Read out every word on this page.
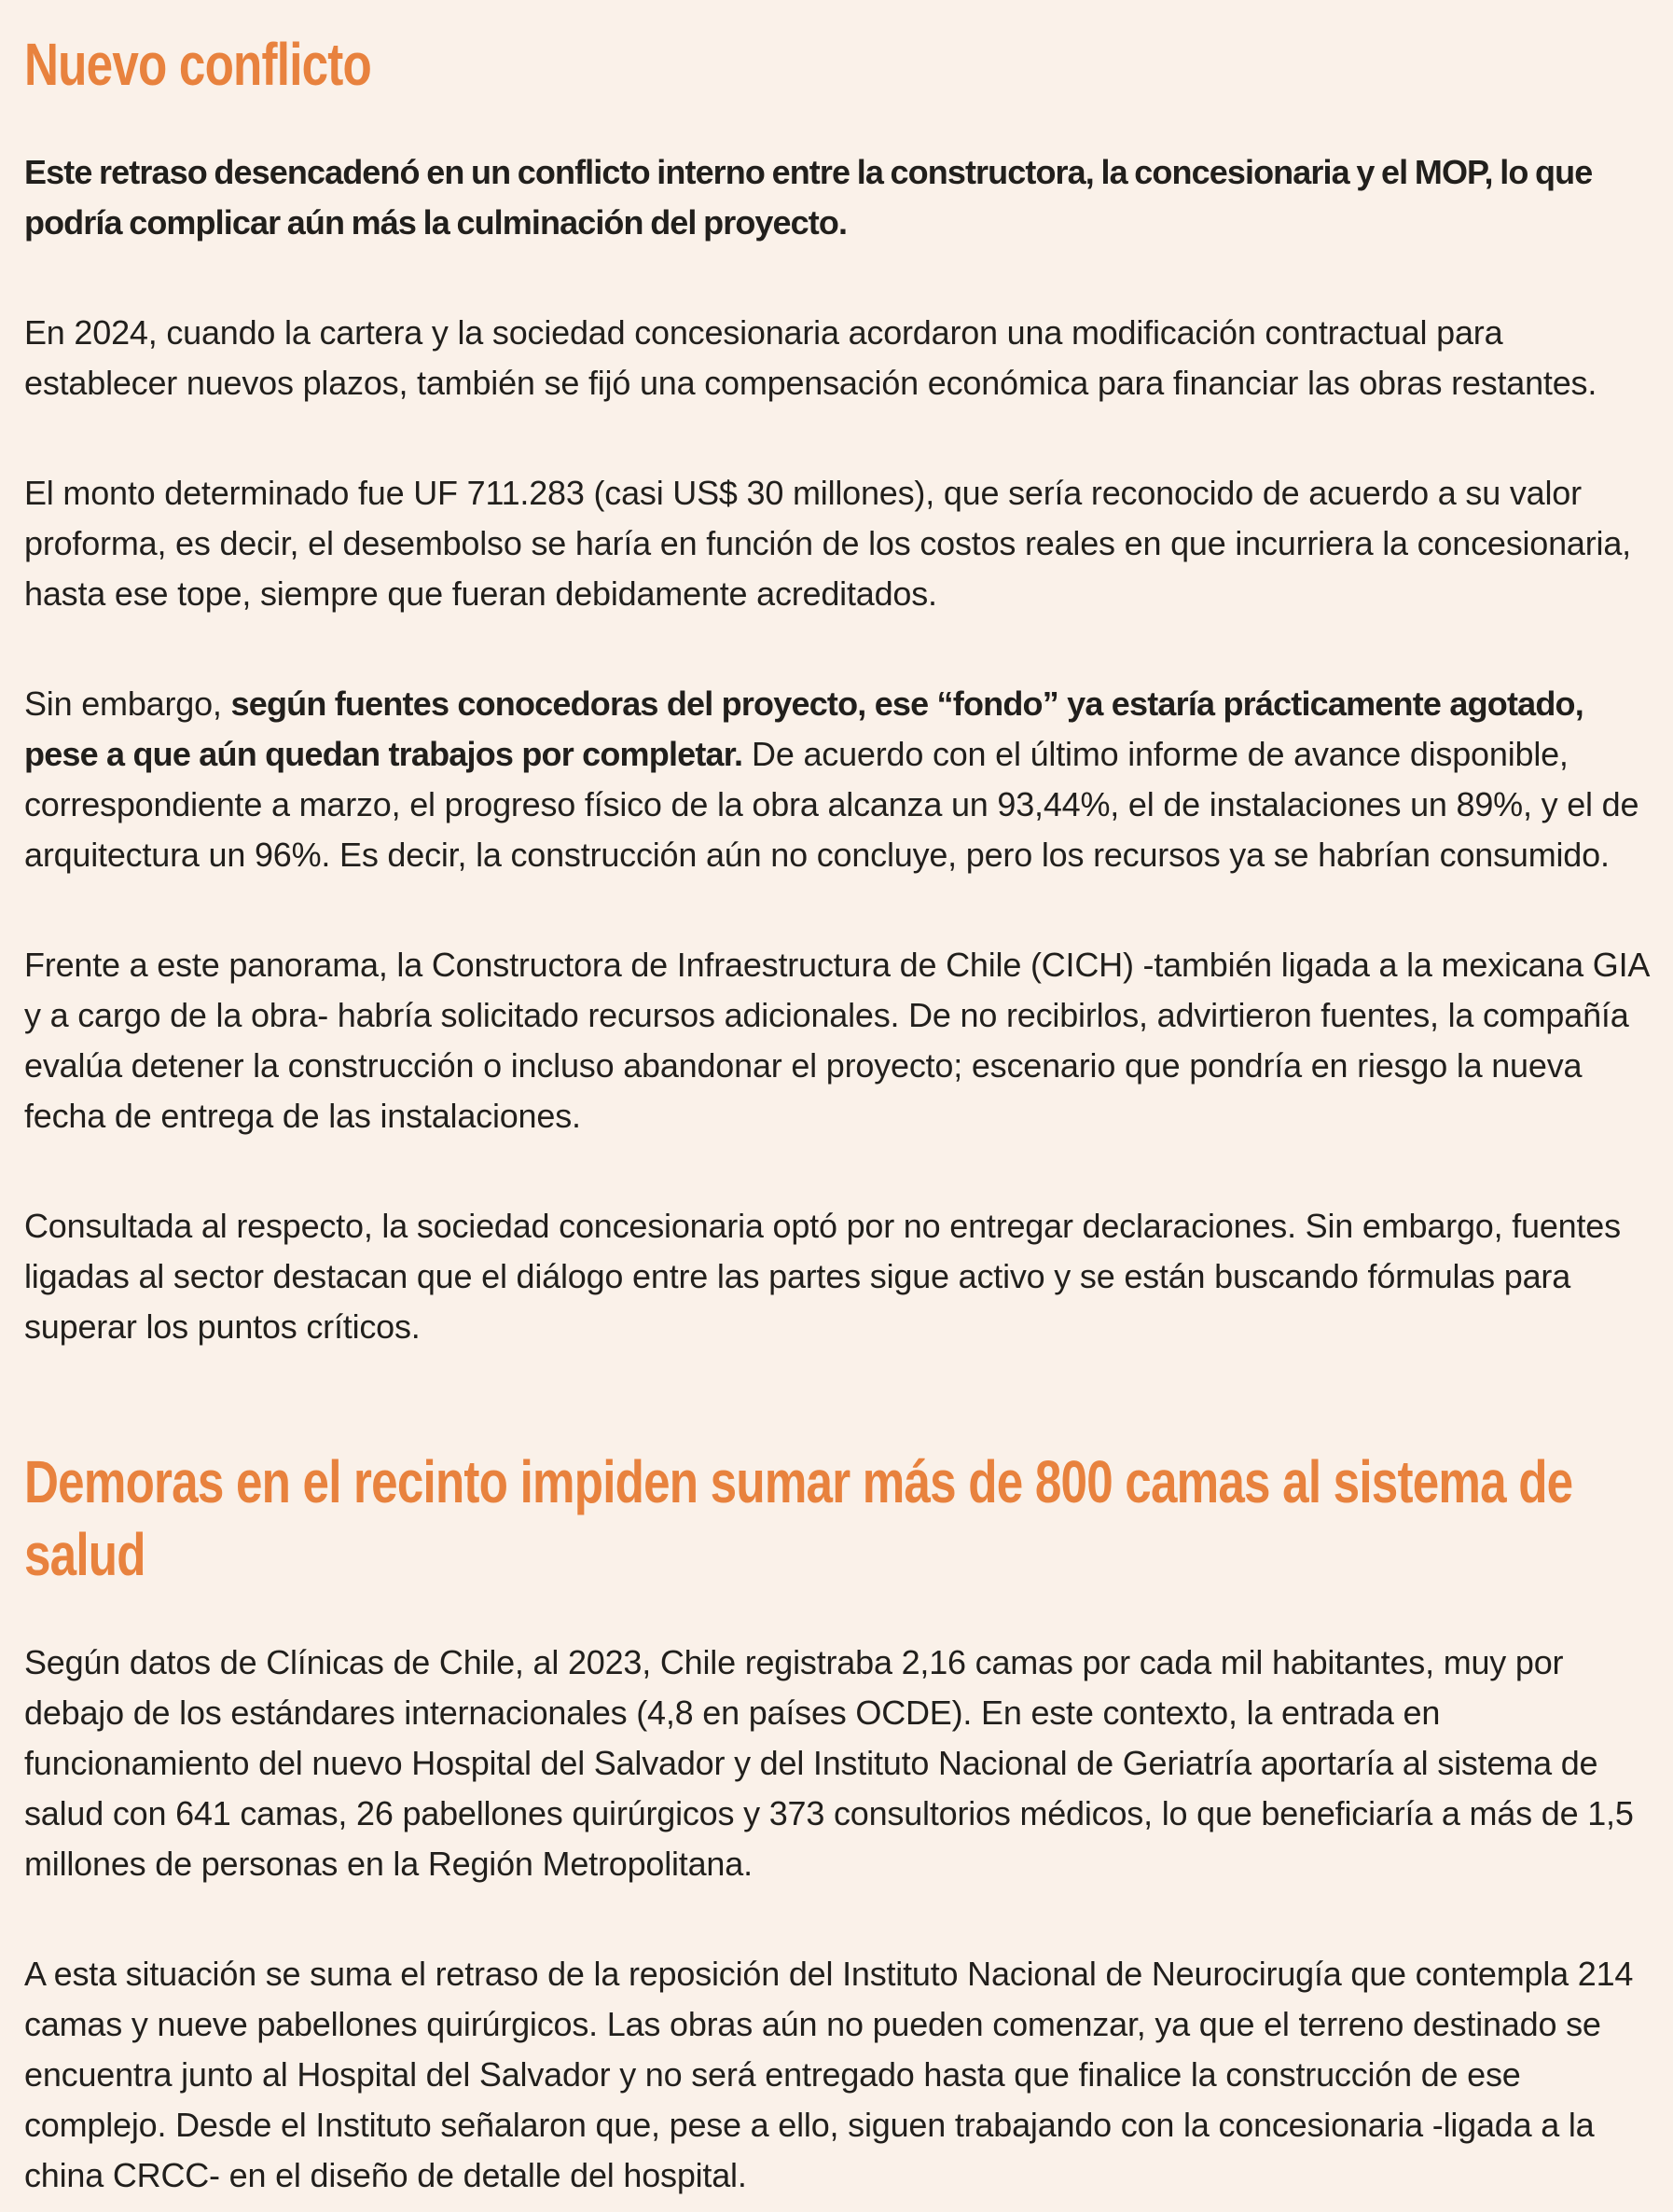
Nuevo conflicto

Este retraso desencadenó en un conflicto interno entre la constructora, la concesionaria y el MOP, lo que podría complicar aún más la culminación del proyecto.

En 2024, cuando la cartera y la sociedad concesionaria acordaron una modificación contractual para establecer nuevos plazos, también se fijó una compensación económica para financiar las obras restantes.

El monto determinado fue UF 711.283 (casi US$ 30 millones), que sería reconocido de acuerdo a su valor proforma, es decir, el desembolso se haría en función de los costos reales en que incurriera la concesionaria, hasta ese tope, siempre que fueran debidamente acreditados.

Sin embargo, según fuentes conocedoras del proyecto, ese “fondo” ya estaría prácticamente agotado, pese a que aún quedan trabajos por completar. De acuerdo con el último informe de avance disponible, correspondiente a marzo, el progreso físico de la obra alcanza un 93,44%, el de instalaciones un 89%, y el de arquitectura un 96%. Es decir, la construcción aún no concluye, pero los recursos ya se habrían consumido.

Frente a este panorama, la Constructora de Infraestructura de Chile (CICH) -también ligada a la mexicana GIA y a cargo de la obra- habría solicitado recursos adicionales. De no recibirlos, advirtieron fuentes, la compañía evalúa detener la construcción o incluso abandonar el proyecto; escenario que pondría en riesgo la nueva fecha de entrega de las instalaciones.

Consultada al respecto, la sociedad concesionaria optó por no entregar declaraciones. Sin embargo, fuentes ligadas al sector destacan que el diálogo entre las partes sigue activo y se están buscando fórmulas para superar los puntos críticos.

Demoras en el recinto impiden sumar más de 800 camas al sistema de salud

Según datos de Clínicas de Chile, al 2023, Chile registraba 2,16 camas por cada mil habitantes, muy por debajo de los estándares internacionales (4,8 en países OCDE). En este contexto, la entrada en funcionamiento del nuevo Hospital del Salvador y del Instituto Nacional de Geriatría aportaría al sistema de salud con 641 camas, 26 pabellones quirúrgicos y 373 consultorios médicos, lo que beneficiaría a más de 1,5 millones de personas en la Región Metropolitana.

A esta situación se suma el retraso de la reposición del Instituto Nacional de Neurocirugía que contempla 214 camas y nueve pabellones quirúrgicos. Las obras aún no pueden comenzar, ya que el terreno destinado se encuentra junto al Hospital del Salvador y no será entregado hasta que finalice la construcción de ese complejo. Desde el Instituto señalaron que, pese a ello, siguen trabajando con la concesionaria -ligada a la china CRCC- en el diseño de detalle del hospital.
